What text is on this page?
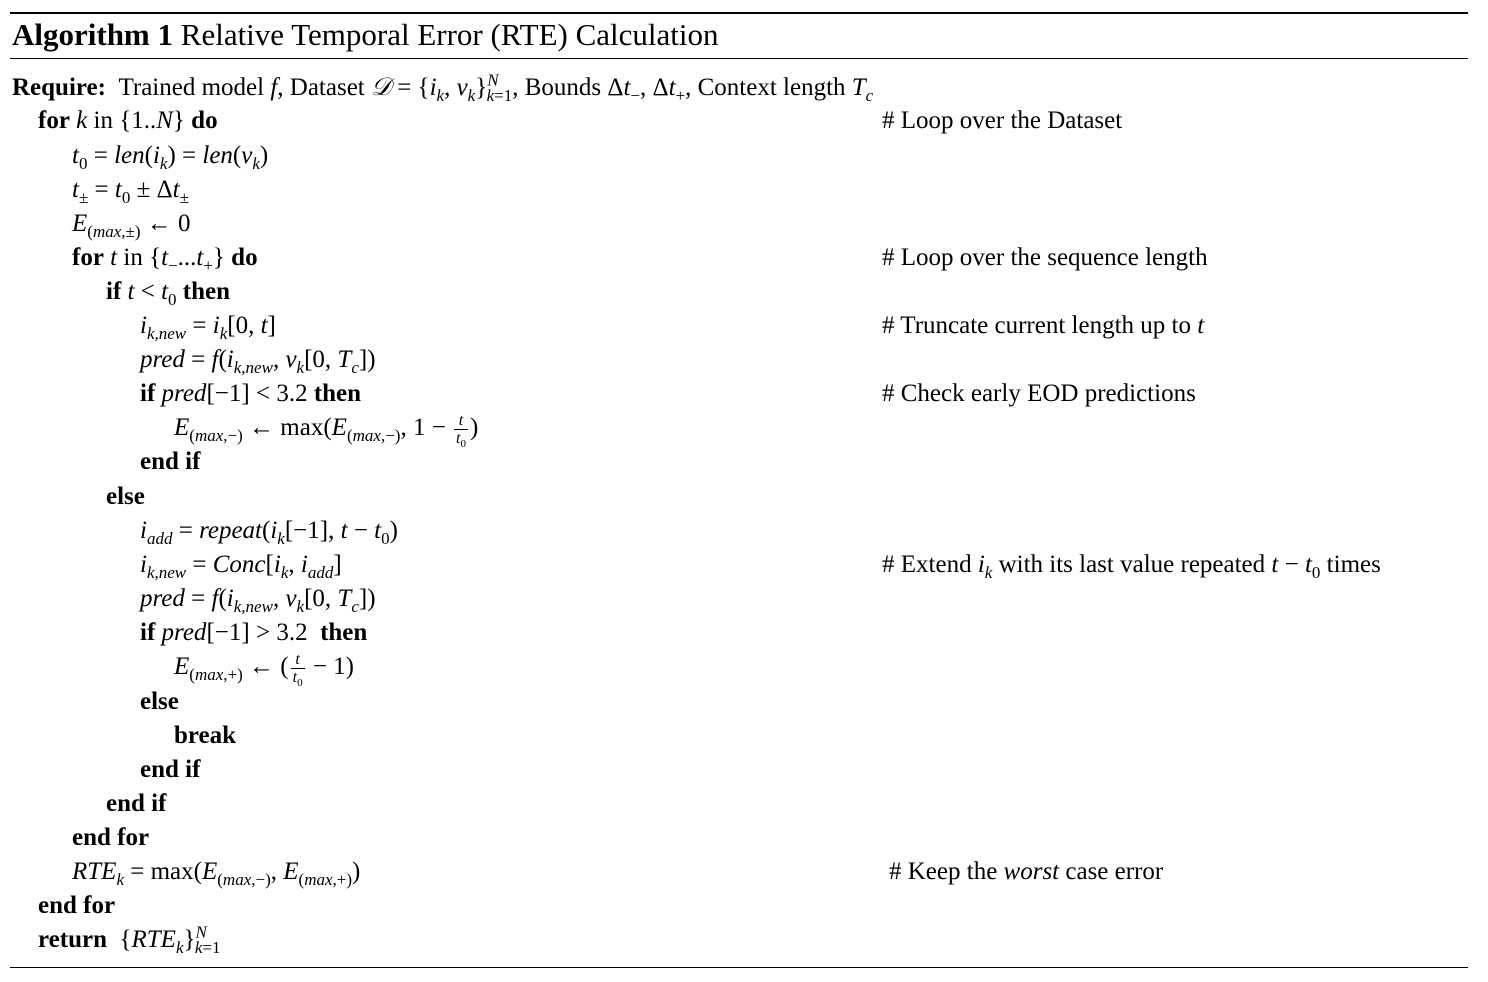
Algorithm 1 Relative Temporal Error (RTE) Calculation
Require: Trained model f, Dataset 𝒟 = {$i_k$, $v_k\}^N_{k=1}$, Bounds $\Delta t_-$, $\Delta t_+$, Context length $T_c$
for k in {1..N} do	# Loop over the Dataset
$t_0 = len(i_k) = len(v_k)$
$t_\pm = t_0 \pm \Delta t_\pm$
$E_{(max,\pm)}$ ← 0
for t in $\{t_-...t_+\}$ do	# Loop over the sequence length
if $t < t_0$ then
$i_{k,new} = i_k[0$, t]	# Truncate current length up to t
pred = $f(i_{k,new}$, $v_k[0$, $T_c$])
if pred[−1] < 3.2 then	# Check early EOD predictions
$E_{(max,-)}$ ← $\max(E_{(max,-)}$, $1 - \frac{t}{t_0}$ )
end if
else
$i_{add}$ = $repeat(i_k[-1]$, $t - t_0$)
$i_{k,new}$ = $Conc[i_k$, $i_{add}$]	# Extend $i_k$ with its last value repeated $t - t_0$ times
pred = $f(i_{k,new}$, $v_k[0$, $T_c$])
if pred[−1] > 3.2 then
$E_{(max,+)}$ ← ( $\frac{t}{t_0} - 1$)
else
break
end if
end if
end for
$RTE_k = \max(E_{(max,-)}$, $E_{(max,+)}$)	# Keep the worst case error
end for
return  $\{RTE_k\}^N_{k=1}$
